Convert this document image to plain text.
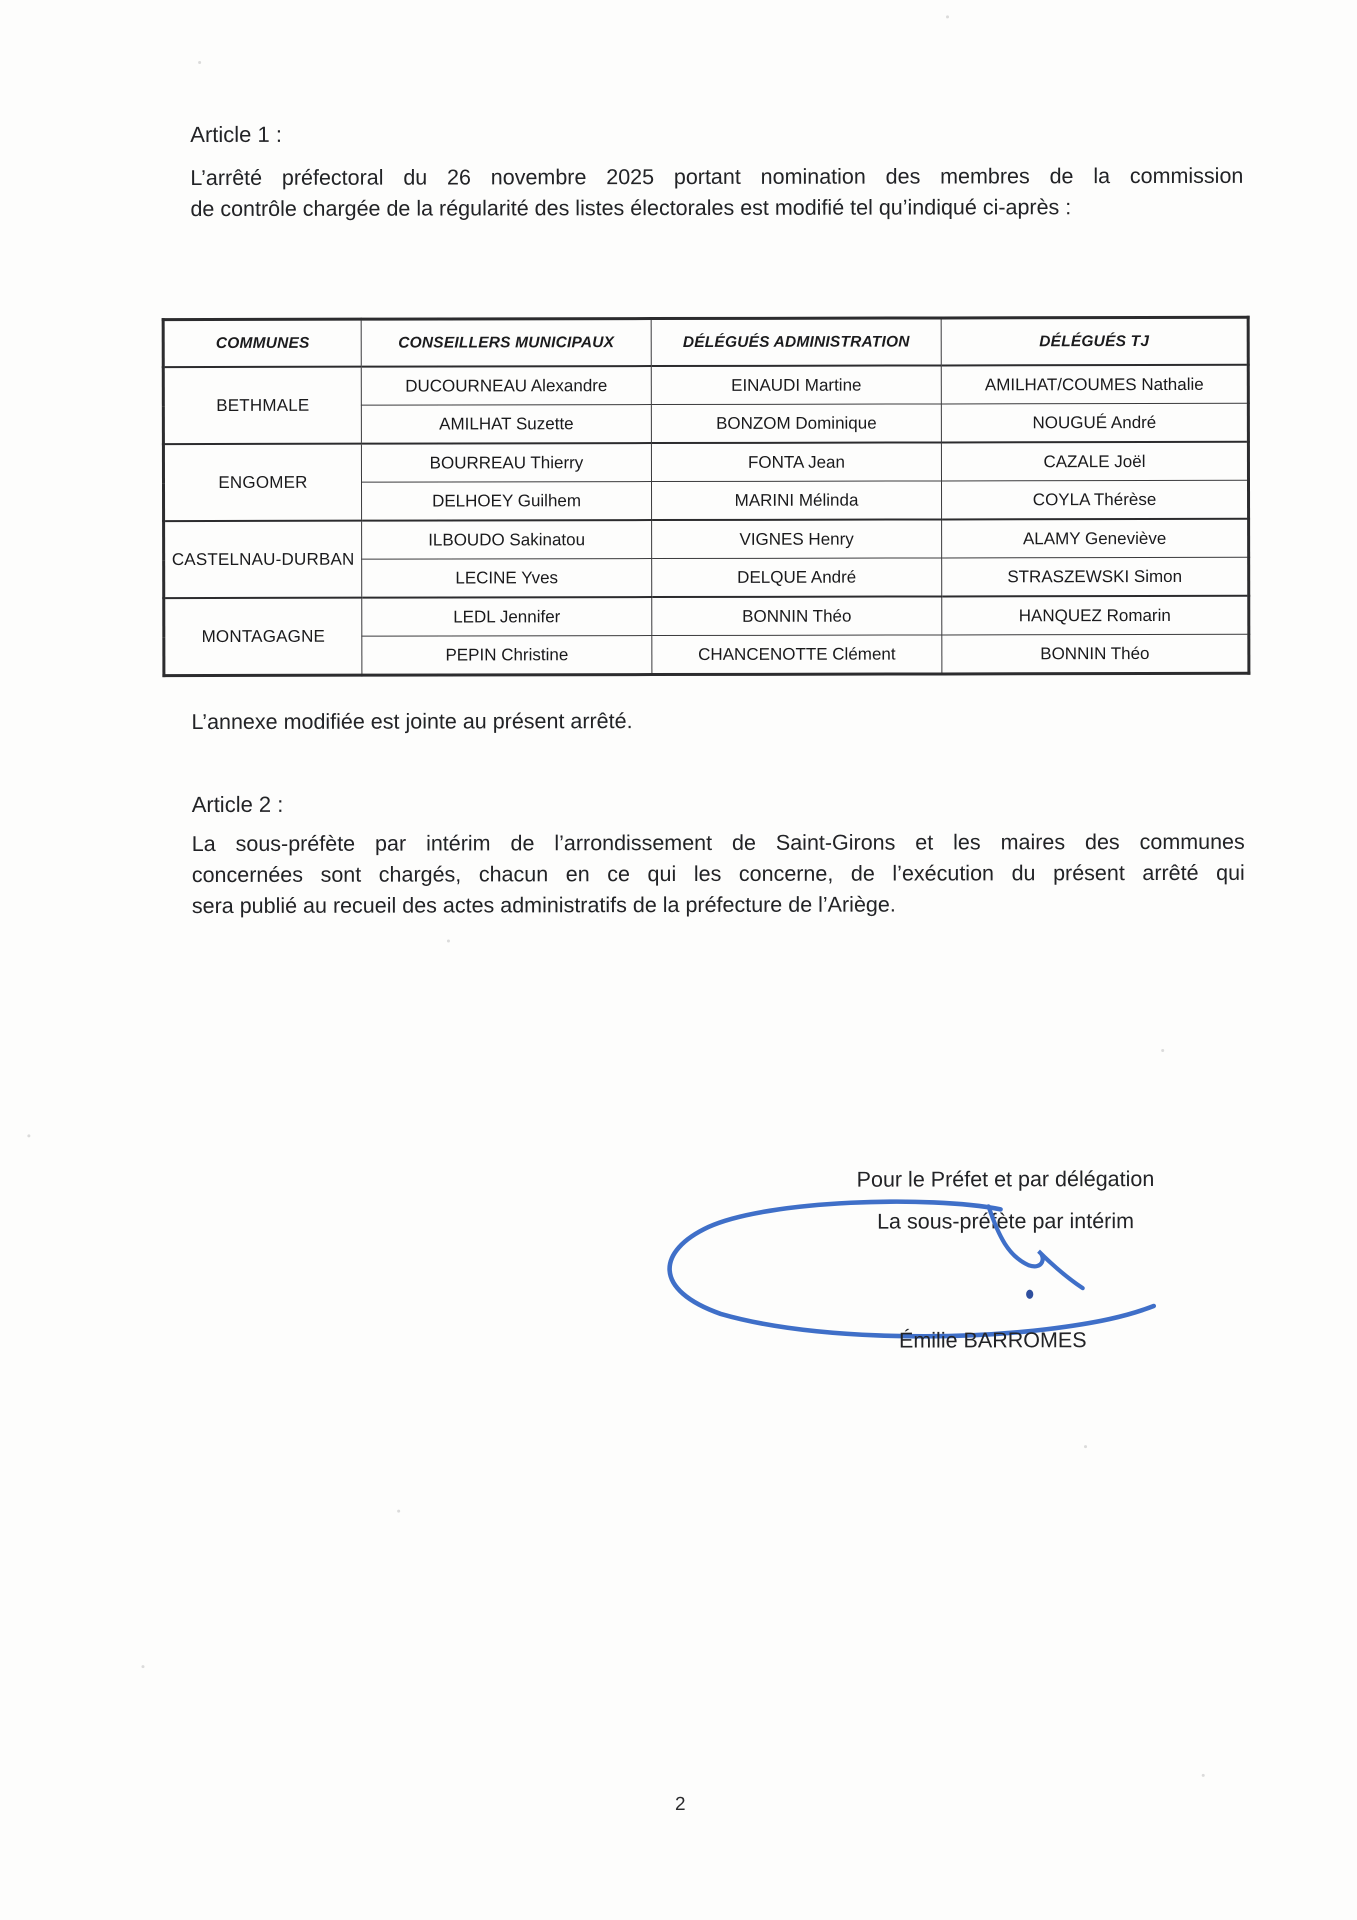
Article 1 :
L’arrêté préfectoral du 26 novembre 2025 portant nomination des membres de la commission
de contrôle chargée de la régularité des listes électorales est modifié tel qu’indiqué ci-après :
COMMUNES	CONSEILLERS MUNICIPAUX	DÉLÉGUÉS ADMINISTRATION	DÉLÉGUÉS TJ
BETHMALE	DUCOURNEAU Alexandre	EINAUDI Martine	AMILHAT/COUMES Nathalie
	AMILHAT Suzette	BONZOM Dominique	NOUGUÉ André
ENGOMER	BOURREAU Thierry	FONTA Jean	CAZALE Joël
	DELHOEY Guilhem	MARINI Mélinda	COYLA Thérèse
CASTELNAU-DURBAN	ILBOUDO Sakinatou	VIGNES Henry	ALAMY Geneviève
	LECINE Yves	DELQUE André	STRASZEWSKI Simon
MONTAGAGNE	LEDL Jennifer	BONNIN Théo	HANQUEZ Romarin
	PEPIN Christine	CHANCENOTTE Clément	BONNIN Théo
L’annexe modifiée est jointe au présent arrêté.
Article 2 :
La sous-préfète par intérim de l’arrondissement de Saint-Girons et les maires des communes
concernées sont chargés, chacun en ce qui les concerne, de l’exécution du présent arrêté qui
sera publié au recueil des actes administratifs de la préfecture de l’Ariège.
Pour le Préfet et par délégation
La sous-préfète par intérim
Émilie BARROMES
2
